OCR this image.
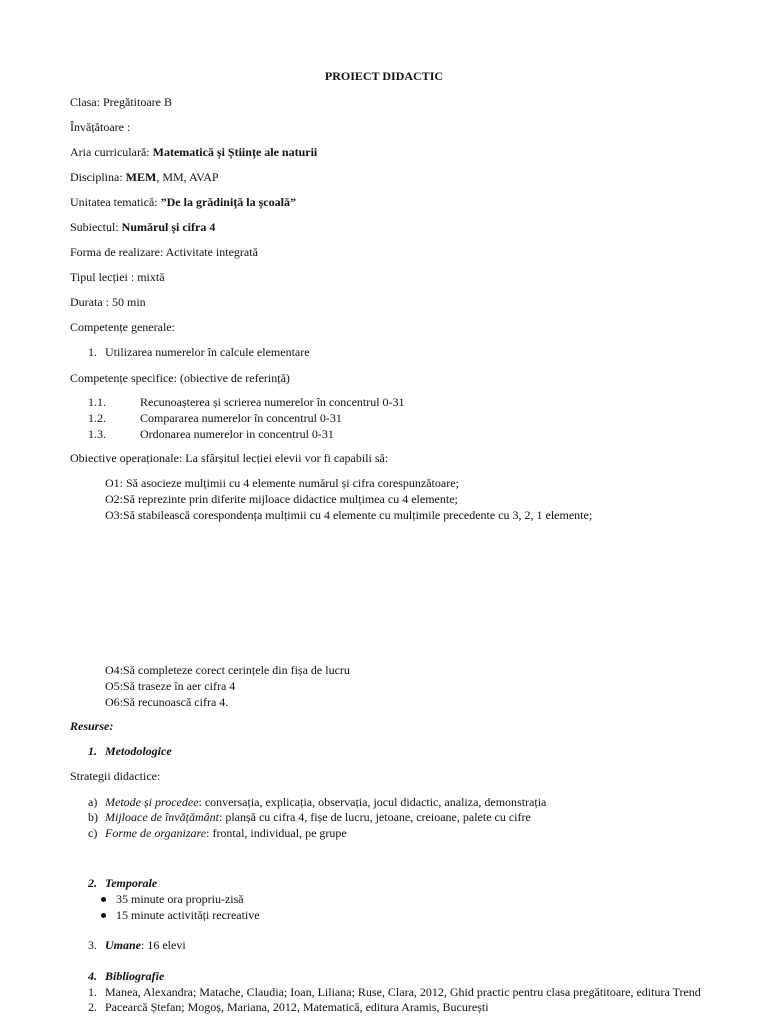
PROIECT DIDACTIC
Clasa: Pregătitoare B
Învățătoare :
Aria curriculară: Matematică și Științe ale naturii
Disciplina: MEM, MM, AVAP
Unitatea tematică: ”De la grădiniță la școală”
Subiectul: Numărul și cifra 4
Forma de realizare: Activitate integrată
Tipul lecției : mixtă
Durata : 50 min
Competențe generale:
1. Utilizarea numerelor în calcule elementare
Competențe specifice: (obiective de referință)
1.1.	Recunoașterea și scrierea numerelor în concentrul 0-31
1.2.	Compararea numerelor în concentrul 0-31
1.3.	Ordonarea numerelor in concentrul 0-31
Obiective operaționale: La sfârșitul lecției elevii vor fi capabili să:
O1: Să asocieze mulțimii cu 4 elemente numărul și cifra corespunzătoare;
O2:Să reprezinte prin diferite mijloace didactice mulțimea cu 4 elemente;
O3:Să stabilească corespondența mulțimii cu 4 elemente cu mulțimile precedente cu 3, 2, 1 elemente;
O4:Să completeze corect cerințele din fișa de lucru
O5:Să traseze în aer cifra 4
O6:Să recunoască cifra 4.
Resurse:
1. Metodologice
Strategii didactice:
a) Metode și procedee: conversația, explicația, observația, jocul didactic, analiza, demonstrația
b) Mijloace de învățământ: planșă cu cifra 4, fișe de lucru, jetoane, creioane, palete cu cifre
c) Forme de organizare: frontal, individual, pe grupe
2. Temporale
35 minute ora propriu-zisă
15 minute activități recreative
3. Umane: 16 elevi
4. Bibliografie
1. Manea, Alexandra; Matache, Claudia; Ioan, Liliana; Ruse, Clara, 2012, Ghid practic pentru clasa pregătitoare, editura Trend
2. Pacearcă Ștefan; Mogoș, Mariana, 2012, Matematică, editura Aramis, București
